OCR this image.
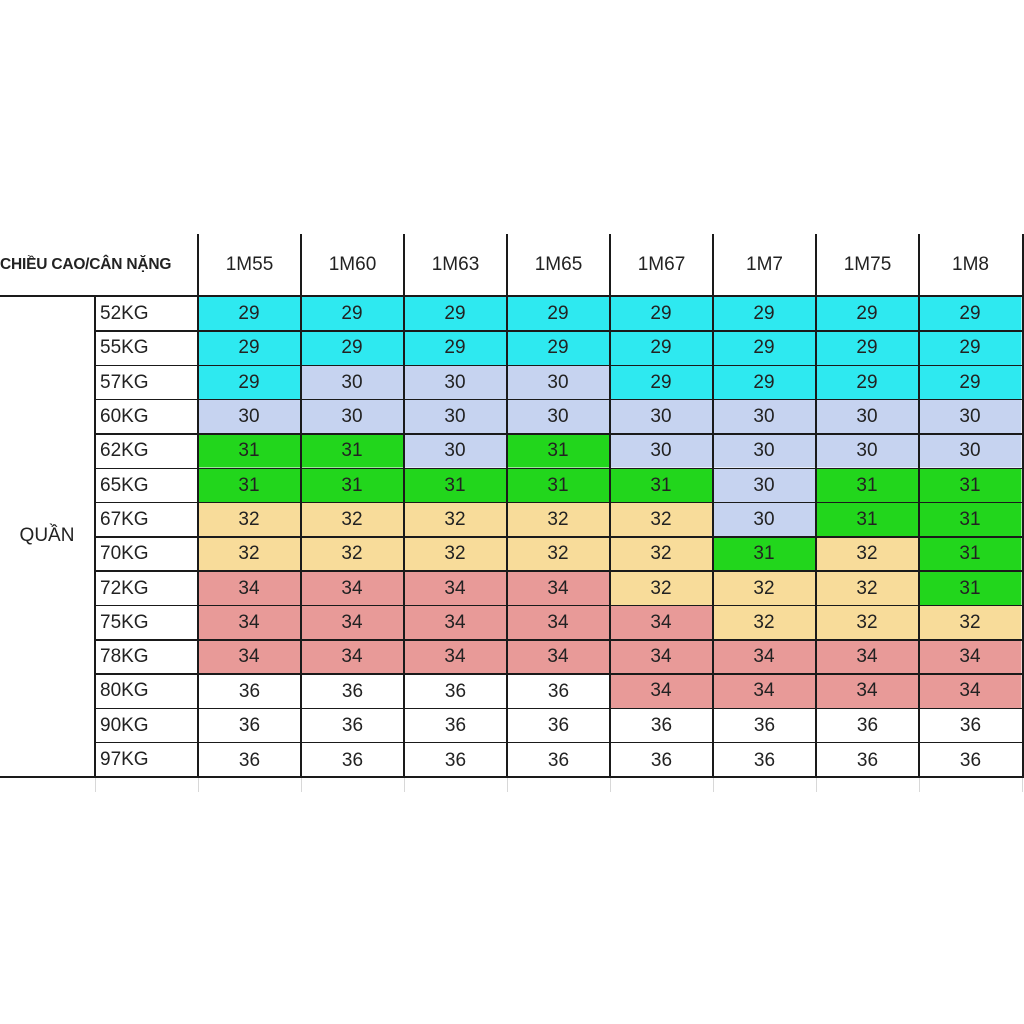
CHIỀU CAO/CÂN NẶNG
QUẦN
1M55	1M60	1M63	1M65	1M67	1M7	1M75	1M8
52KG	29	29	29	29	29	29	29	29
55KG	29	29	29	29	29	29	29	29
57KG	29	30	30	30	29	29	29	29
60KG	30	30	30	30	30	30	30	30
62KG	31	31	30	31	30	30	30	30
65KG	31	31	31	31	31	30	31	31
67KG	32	32	32	32	32	30	31	31
70KG	32	32	32	32	32	31	32	31
72KG	34	34	34	34	32	32	32	31
75KG	34	34	34	34	34	32	32	32
78KG	34	34	34	34	34	34	34	34
80KG	36	36	36	36	34	34	34	34
90KG	36	36	36	36	36	36	36	36
97KG	36	36	36	36	36	36	36	36
